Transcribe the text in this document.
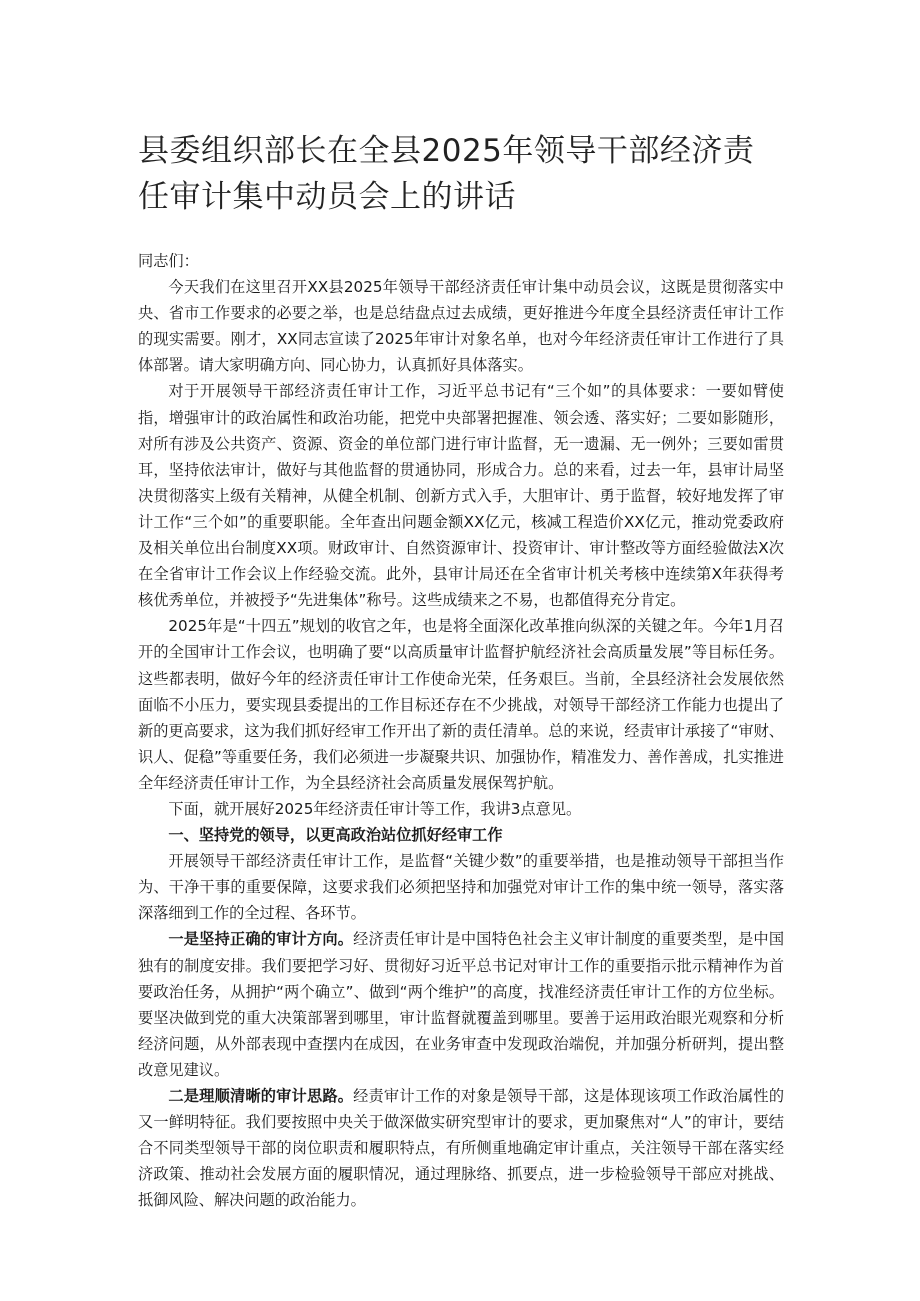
县委组织部长在全县2025年领导干部经济责任审计集中动员会上的讲话

同志们：

今天我们在这里召开XX县2025年领导干部经济责任审计集中动员会议，这既是贯彻落实中央、省市工作要求的必要之举，也是总结盘点过去成绩，更好推进今年度全县经济责任审计工作的现实需要。刚才，XX同志宣读了2025年审计对象名单，也对今年经济责任审计工作进行了具体部署。请大家明确方向、同心协力，认真抓好具体落实。

对于开展领导干部经济责任审计工作，习近平总书记有“三个如”的具体要求：一要如臂使指，增强审计的政治属性和政治功能，把党中央部署把握准、领会透、落实好；二要如影随形，对所有涉及公共资产、资源、资金的单位部门进行审计监督，无一遗漏、无一例外；三要如雷贯耳，坚持依法审计，做好与其他监督的贯通协同，形成合力。总的来看，过去一年，县审计局坚决贯彻落实上级有关精神，从健全机制、创新方式入手，大胆审计、勇于监督，较好地发挥了审计工作“三个如”的重要职能。全年查出问题金额XX亿元，核减工程造价XX亿元，推动党委政府及相关单位出台制度XX项。财政审计、自然资源审计、投资审计、审计整改等方面经验做法X次在全省审计工作会议上作经验交流。此外，县审计局还在全省审计机关考核中连续第X年获得考核优秀单位，并被授予“先进集体”称号。这些成绩来之不易，也都值得充分肯定。

2025年是“十四五”规划的收官之年，也是将全面深化改革推向纵深的关键之年。今年1月召开的全国审计工作会议，也明确了要“以高质量审计监督护航经济社会高质量发展”等目标任务。这些都表明，做好今年的经济责任审计工作使命光荣，任务艰巨。当前，全县经济社会发展依然面临不小压力，要实现县委提出的工作目标还存在不少挑战，对领导干部经济工作能力也提出了新的更高要求，这为我们抓好经审工作开出了新的责任清单。总的来说，经责审计承接了“审财、识人、促稳”等重要任务，我们必须进一步凝聚共识、加强协作，精准发力、善作善成，扎实推进全年经济责任审计工作，为全县经济社会高质量发展保驾护航。

下面，就开展好2025年经济责任审计等工作，我讲3点意见。

一、坚持党的领导，以更高政治站位抓好经审工作

开展领导干部经济责任审计工作，是监督“关键少数”的重要举措，也是推动领导干部担当作为、干净干事的重要保障，这要求我们必须把坚持和加强党对审计工作的集中统一领导，落实落深落细到工作的全过程、各环节。

一是坚持正确的审计方向。经济责任审计是中国特色社会主义审计制度的重要类型，是中国独有的制度安排。我们要把学习好、贯彻好习近平总书记对审计工作的重要指示批示精神作为首要政治任务，从拥护“两个确立”、做到“两个维护”的高度，找准经济责任审计工作的方位坐标。要坚决做到党的重大决策部署到哪里，审计监督就覆盖到哪里。要善于运用政治眼光观察和分析经济问题，从外部表现中查摆内在成因，在业务审查中发现政治端倪，并加强分析研判，提出整改意见建议。

二是理顺清晰的审计思路。经责审计工作的对象是领导干部，这是体现该项工作政治属性的又一鲜明特征。我们要按照中央关于做深做实研究型审计的要求，更加聚焦对“人”的审计，要结合不同类型领导干部的岗位职责和履职特点，有所侧重地确定审计重点，关注领导干部在落实经济政策、推动社会发展方面的履职情况，通过理脉络、抓要点，进一步检验领导干部应对挑战、抵御风险、解决问题的政治能力。
